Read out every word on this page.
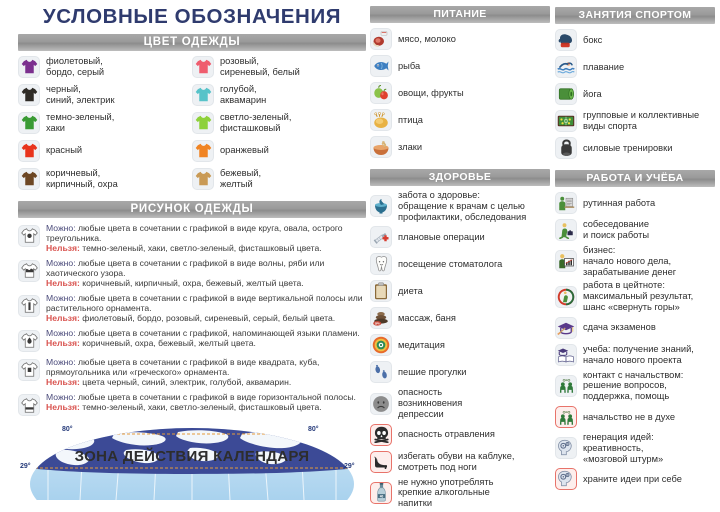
УСЛОВНЫЕ ОБОЗНАЧЕНИЯ
ЦВЕТ ОДЕЖДЫ
фиолетовый,
бордо, серый
черный,
синий, электрик
темно-зеленый,
хаки
красный
коричневый,
кирпичный, охра
розовый,
сиреневый, белый
голубой,
аквамарин
светло-зеленый,
фисташковый
оранжевый
бежевый,
желтый
РИСУНОК ОДЕЖДЫ
Можно: любые цвета в сочетании с графикой в виде круга, овала, острого треугольника.
Нельзя: темно-зеленый, хаки, светло-зеленый, фисташковый цвета.
Можно: любые цвета в сочетании с графикой в виде волны, ряби или хаотического узора.
Нельзя: коричневый, кирпичный, охра, бежевый, желтый цвета.
Можно: любые цвета в сочетании с графикой в виде вертикальной полосы или растительного орнамента.
Нельзя: фиолетовый, бордо, розовый, сиреневый, серый, белый цвета.
Можно: любые цвета в сочетании с графикой, напоминающей языки пламени.
Нельзя: коричневый, охра, бежевый, желтый цвета.
Можно: любые цвета в сочетании с графикой в виде квадрата, куба, прямоугольника или «греческого» орнамента.
Нельзя: цвета черный, синий, электрик, голубой, аквамарин.
Можно: любые цвета в сочетании с графикой в виде горизонтальной полосы.
Нельзя: темно-зеленый, хаки, светло-зеленый, фисташковый цвета.
80°	80°
29°	29°
ЗОНА ДЕЙСТВИЯ КАЛЕНДАРЯ
ПИТАНИЕ
мясо, молоко
рыба
овощи, фрукты
птица
злаки
ЗДОРОВЬЕ
забота о здоровье:
обращение к врачам с целью
профилактики, обследования
плановые операции
посещение стоматолога
диета
SPA
массаж, баня
медитация
пешие прогулки
опасность
возникновения
депрессии
опасность отравления
избегать обуви на каблуке,
смотреть под ноги
40
не нужно употреблять
крепкие алкогольные
напитки
ЗАНЯТИЯ СПОРТОМ
бокс
плавание
йога
групповые и коллективные
виды спорта
силовые тренировки
РАБОТА И УЧЁБА
рутинная работа
собеседование
и поиск работы
бизнес:
начало нового дела,
зарабатывание денег
работа в цейтноте:
максимальный результат,
шанс «свернуть горы»
сдача экзаменов
учеба: получение знаний,
начало нового проекта
O=O
контакт с начальством:
решение вопросов,
поддержка, помощь
O=O начальство не в духе
генерация идей:
креативность,
«мозговой штурм»
храните идеи при себе
